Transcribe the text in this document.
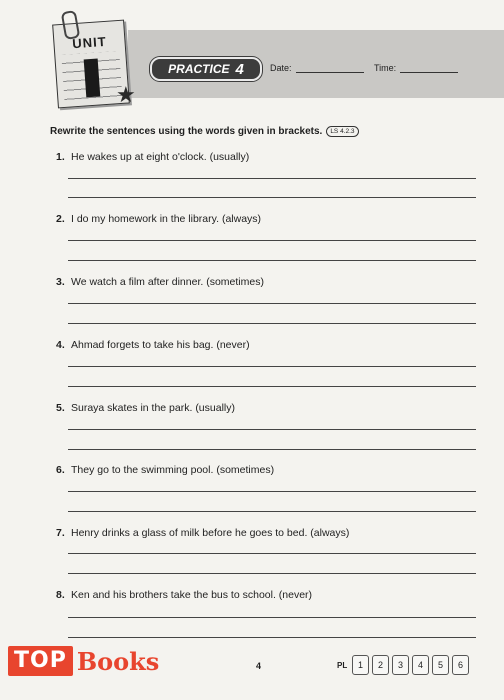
UNIT
★
PRACTICE 4	Date:	Time:
Rewrite the sentences using the words given in brackets.	LS 4.2.3
1. He wakes up at eight o'clock. (usually)
2. I do my homework in the library. (always)
3. We watch a film after dinner. (sometimes)
4. Ahmad forgets to take his bag. (never)
5. Suraya skates in the park. (usually)
6. They go to the swimming pool. (sometimes)
7. Henry drinks a glass of milk before he goes to bed. (always)
8. Ken and his brothers take the bus to school. (never)
TOP Books	4	PL	1	2	3	4	5	6
